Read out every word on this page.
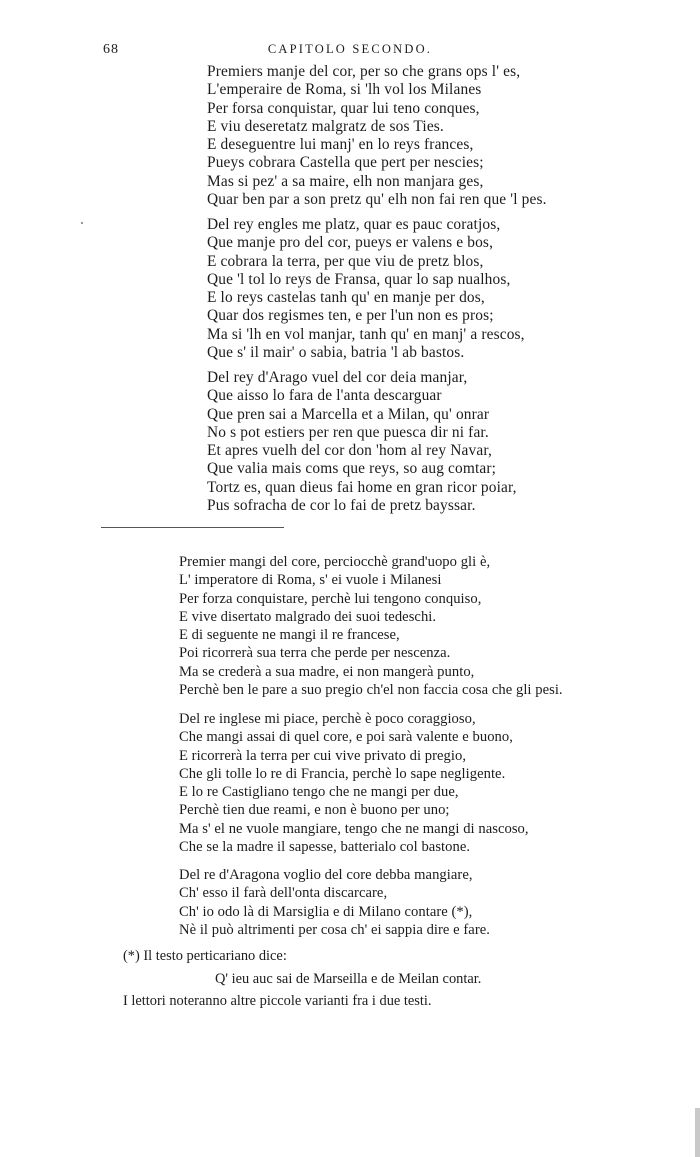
68	CAPITOLO SECONDO.
Premiers manje del cor, per so che grans ops l' es,
L'emperaire de Roma, si 'lh vol los Milanes
Per forsa conquistar, quar lui teno conques,
E viu deseretatz malgratz de sos Ties.
E deseguentre lui manj' en lo reys frances,
Pueys cobrara Castella que pert per nescies;
Mas si pez' a sa maire, elh non manjara ges,
Quar ben par a son pretz qu' elh non fai ren que 'l pes.
Del rey engles me platz, quar es pauc coratjos,
Que manje pro del cor, pueys er valens e bos,
E cobrara la terra, per que viu de pretz blos,
Que 'l tol lo reys de Fransa, quar lo sap nualhos,
E lo reys castelas tanh qu' en manje per dos,
Quar dos regismes ten, e per l'un non es pros;
Ma si 'lh en vol manjar, tanh qu' en manj' a rescos,
Que s' il mair' o sabia, batria 'l ab bastos.
Del rey d'Arago vuel del cor deia manjar,
Que aisso lo fara de l'anta descarguar
Que pren sai a Marcella et a Milan, qu' onrar
No s pot estiers per ren que puesca dir ni far.
Et apres vuelh del cor don 'hom al rey Navar,
Que valia mais coms que reys, so aug comtar;
Tortz es, quan dieus fai home en gran ricor poiar,
Pus sofracha de cor lo fai de pretz bayssar.
Premier mangi del core, perciocchè grand'uopo gli è,
L' imperatore di Roma, s' ei vuole i Milanesi
Per forza conquistare, perchè lui tengono conquiso,
E vive disertato malgrado dei suoi tedeschi.
E di seguente ne mangi il re francese,
Poi ricorrerà sua terra che perde per nescenza.
Ma se crederà a sua madre, ei non mangerà punto,
Perchè ben le pare a suo pregio ch'el non faccia cosa che gli pesi.
Del re inglese mi piace, perchè è poco coraggioso,
Che mangi assai di quel core, e poi sarà valente e buono,
E ricorrerà la terra per cui vive privato di pregio,
Che gli tolle lo re di Francia, perchè lo sape negligente.
E lo re Castigliano tengo che ne mangi per due,
Perchè tien due reami, e non è buono per uno;
Ma s' el ne vuole mangiare, tengo che ne mangi di nascoso,
Che se la madre il sapesse, batterialo col bastone.
Del re d'Aragona voglio del core debba mangiare,
Ch' esso il farà dell'onta discarcare,
Ch' io odo là di Marsiglia e di Milano contare (*),
Nè il può altrimenti per cosa ch' ei sappia dire e fare.
(*) Il testo perticariano dice:
Q' ieu auc sai de Marseilla e de Meilan contar.
I lettori noteranno altre piccole varianti fra i due testi.
